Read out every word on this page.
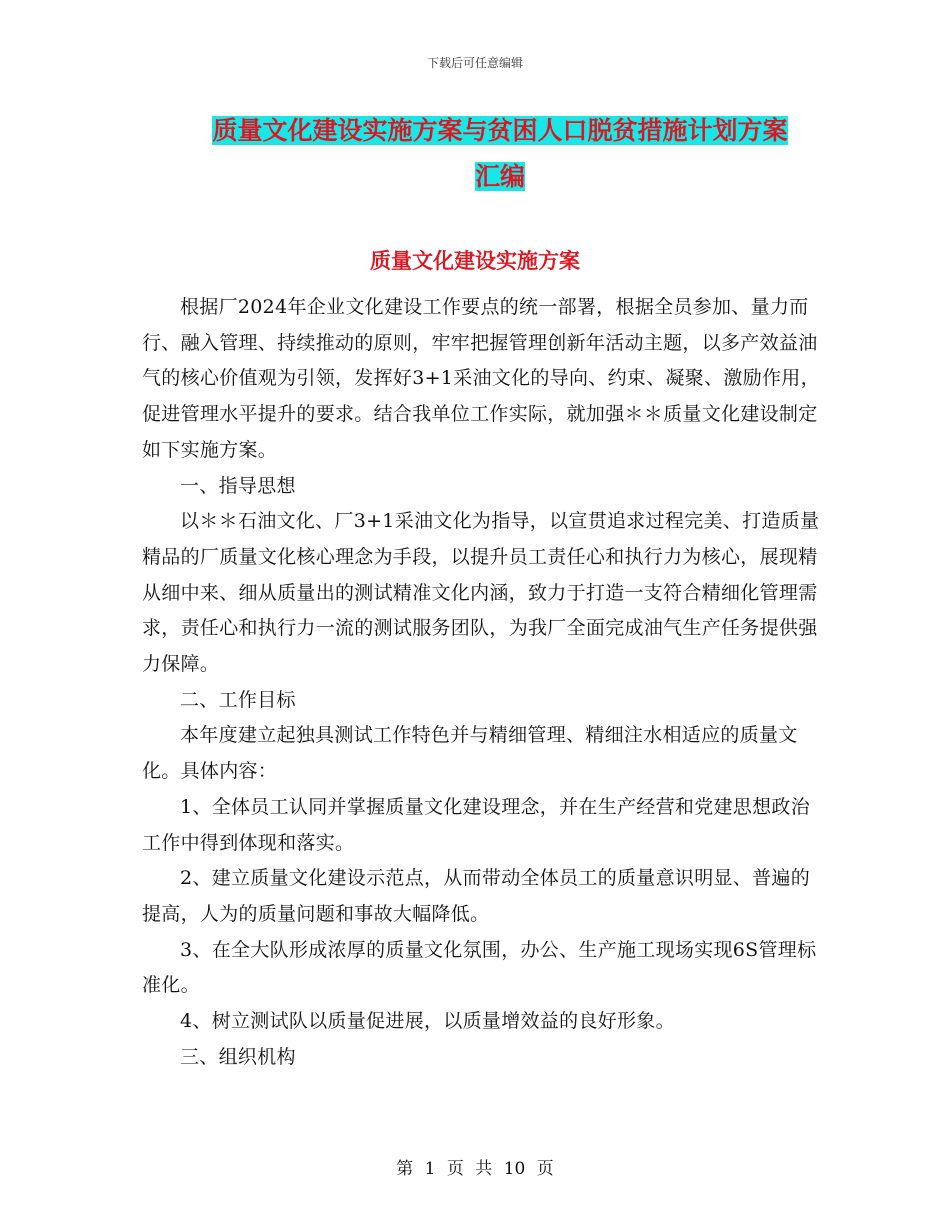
下载后可任意编辑
质量文化建设实施方案与贫困人口脱贫措施计划方案
汇编
质量文化建设实施方案

根据厂2024年企业文化建设工作要点的统一部署，根据全员参加、量力而行、融入管理、持续推动的原则，牢牢把握管理创新年活动主题，以多产效益油气的核心价值观为引领，发挥好3+1采油文化的导向、约束、凝聚、激励作用，促进管理水平提升的要求。结合我单位工作实际，就加强＊＊质量文化建设制定如下实施方案。

一、指导思想

以＊＊石油文化、厂3+1采油文化为指导，以宣贯追求过程完美、打造质量精品的厂质量文化核心理念为手段，以提升员工责任心和执行力为核心，展现精从细中来、细从质量出的测试精准文化内涵，致力于打造一支符合精细化管理需求，责任心和执行力一流的测试服务团队，为我厂全面完成油气生产任务提供强力保障。

二、工作目标

本年度建立起独具测试工作特色并与精细管理、精细注水相适应的质量文化。具体内容：

1、全体员工认同并掌握质量文化建设理念，并在生产经营和党建思想政治工作中得到体现和落实。

2、建立质量文化建设示范点，从而带动全体员工的质量意识明显、普遍的提高，人为的质量问题和事故大幅降低。

3、在全大队形成浓厚的质量文化氛围，办公、生产施工现场实现6S管理标准化。

4、树立测试队以质量促进展，以质量增效益的良好形象。

三、组织机构

第 1 页 共 10 页
